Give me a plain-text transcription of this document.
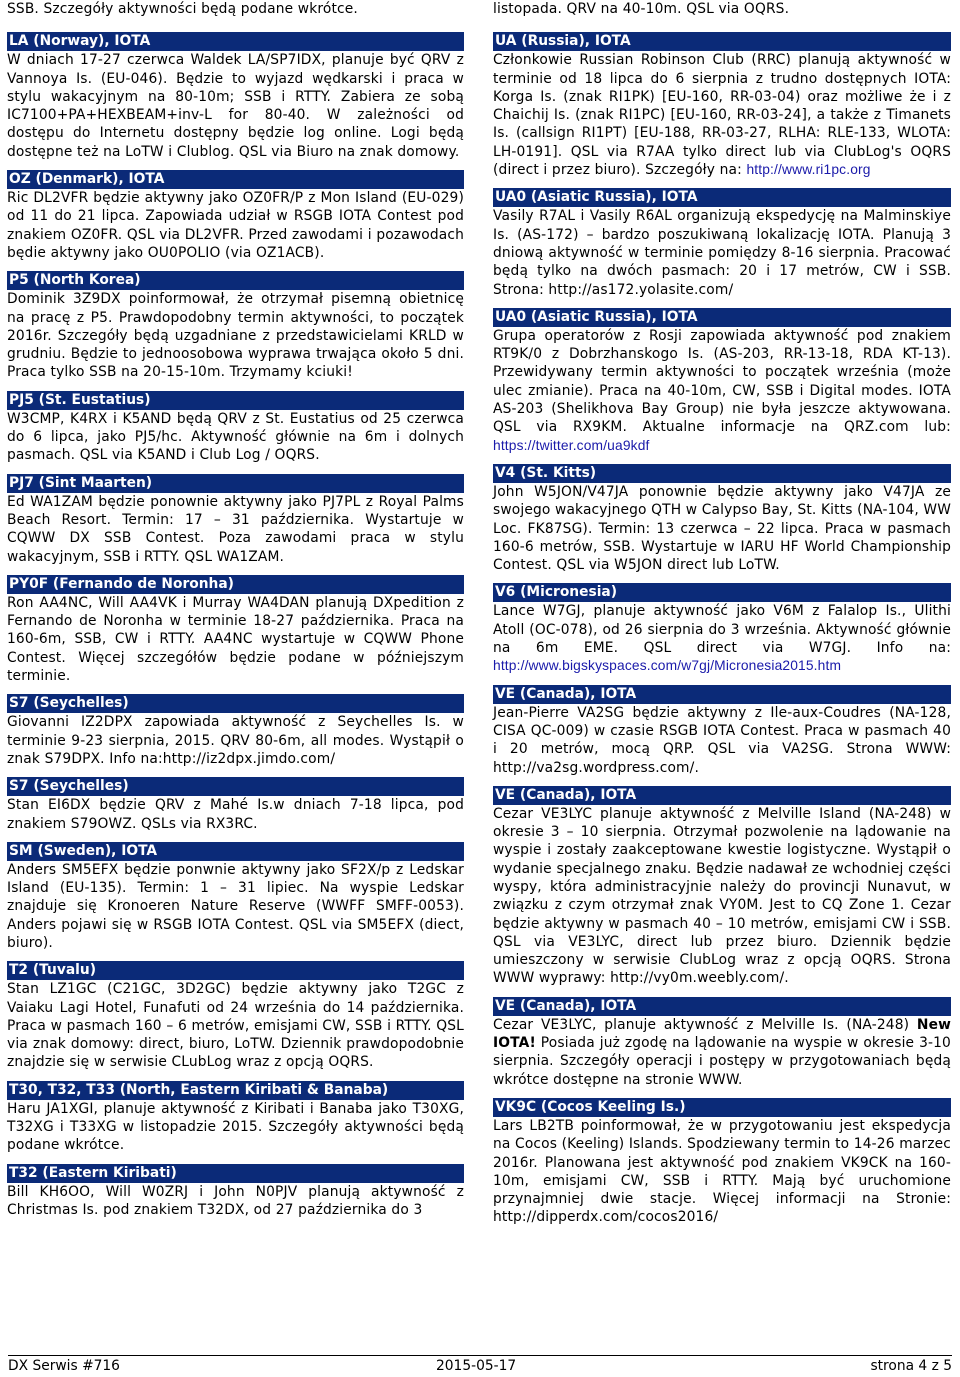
SSB. Szczegóły aktywności będą podane wkrótce.

LA (Norway), IOTA

W dniach 17-27 czerwca Waldek LA/SP7IDX, planuje być QRV z Vannoya Is. (EU-046). Będzie to wyjazd wędkarski i praca w stylu wakacyjnym na 80-10m; SSB i RTTY. Zabiera ze sobą IC7100+PA+HEXBEAM+inv-L for 80-40. W zależności od dostępu do Internetu dostępny będzie log online. Logi będą dostępne też na LoTW i Clublog. QSL via Biuro na znak domowy.

OZ (Denmark), IOTA

Ric DL2VFR będzie aktywny jako OZ0FR/P z Mon Island (EU-029) od 11 do 21 lipca. Zapowiada udział w RSGB IOTA Contest pod znakiem OZ0FR. QSL via DL2VFR. Przed zawodami i pozawodach będie aktywny jako OU0POLIO (via OZ1ACB).

P5 (North Korea)

Dominik 3Z9DX poinformował, że otrzymał pisemną obietnicę na pracę z P5. Prawdopodobny termin aktywności, to początek 2016r. Szczegóły będą uzgadniane z przedstawicielami KRLD w grudniu. Będzie to jednoosobowa wyprawa trwająca około 5 dni. Praca tylko SSB na 20-15-10m. Trzymamy kciuki!

PJ5 (St. Eustatius)

W3CMP, K4RX i K5AND będą QRV z St. Eustatius od 25 czerwca do 6 lipca, jako PJ5/hc. Aktywność głównie na 6m i dolnych pasmach. QSL via K5AND i Club Log / OQRS.

PJ7 (Sint Maarten)

Ed WA1ZAM będzie ponownie aktywny jako PJ7PL z Royal Palms Beach Resort. Termin: 17 – 31 października. Wystartuje w CQWW DX SSB Contest. Poza zawodami praca w stylu wakacyjnym, SSB i RTTY. QSL WA1ZAM.

PY0F (Fernando de Noronha)

Ron AA4NC, Will AA4VK i Murray WA4DAN planują DXpedition z Fernando de Noronha w terminie 18-27 października. Praca na 160-6m, SSB, CW i RTTY. AA4NC wystartuje w CQWW Phone Contest. Więcej szczegółów będzie podane w późniejszym terminie.

S7 (Seychelles)

Giovanni IZ2DPX zapowiada aktywność z Seychelles Is. w terminie 9-23 sierpnia, 2015. QRV 80-6m, all modes. Wystąpił o znak S79DPX. Info na:http://iz2dpx.jimdo.com/

S7 (Seychelles)

Stan EI6DX będzie QRV z Mahé Is.w dniach 7-18 lipca, pod znakiem S79OWZ. QSLs via RX3RC.

SM (Sweden), IOTA

Anders SM5EFX będzie ponwnie aktywny jako SF2X/p z Ledskar Island (EU-135). Termin: 1 – 31 lipiec. Na wyspie Ledskar znajduje się Kronoeren Nature Reserve (WWFF SMFF-0053). Anders pojawi się w RSGB IOTA Contest. QSL via SM5EFX (diect, biuro).

T2 (Tuvalu)

Stan LZ1GC (C21GC, 3D2GC) będzie aktywny jako T2GC z Vaiaku Lagi Hotel, Funafuti od 24 września do 14 października. Praca w pasmach 160 – 6 metrów, emisjami CW, SSB i RTTY. QSL via znak domowy: direct, biuro, LoTW. Dziennik prawdopodobnie znajdzie się w serwisie CLubLog wraz z opcją OQRS.

T30, T32, T33 (North, Eastern Kiribati & Banaba)

Haru JA1XGI, planuje aktywność z Kiribati i Banaba jako T30XG, T32XG i T33XG w listopadzie 2015. Szczegóły aktywności będą podane wkrótce.

T32 (Eastern Kiribati)

Bill KH6OO, Will W0ZRJ i John N0PJV planują aktywność z Christmas Is. pod znakiem T32DX, od 27 października do 3

listopada. QRV na 40-10m. QSL via OQRS.

UA (Russia), IOTA

Członkowie Russian Robinson Club (RRC) planują aktywność w terminie od 18 lipca do 6 sierpnia z trudno dostępnych IOTA: Korga Is. (znak RI1PK) [EU-160, RR-03-04) oraz możliwe że i z Chaichij Is. (znak RI1PC) [EU-160, RR-03-24], a także z Timanets Is. (callsign RI1PT) [EU-188, RR-03-27, RLHA: RLE-133, WLOTA: LH-0191]. QSL via R7AA tylko direct lub via ClubLog's OQRS (direct i przez biuro). Szczegóły na: http://www.ri1pc.org

UA0 (Asiatic Russia), IOTA

Vasily R7AL i Vasily R6AL organizują ekspedycję na Malminskiye Is. (AS-172) – bardzo poszukiwaną lokalizację IOTA. Planują 3 dniową aktywność w terminie pomiędzy 8-16 sierpnia. Pracować będą tylko na dwóch pasmach: 20 i 17 metrów, CW i SSB. Strona: http://as172.yolasite.com/

UA0 (Asiatic Russia), IOTA

Grupa operatorów z Rosji zapowiada aktywność pod znakiem RT9K/0 z Dobrzhanskogo Is. (AS-203, RR-13-18, RDA KT-13). Przewidywany termin aktywności to początek września (może ulec zmianie). Praca na 40-10m, CW, SSB i Digital modes. IOTA AS-203 (Shelikhova Bay Group) nie była jeszcze aktywowana. QSL via RX9KM. Aktualne informacje na QRZ.com lub: https://twitter.com/ua9kdf

V4 (St. Kitts)

John W5JON/V47JA ponownie będzie aktywny jako V47JA ze swojego wakacyjnego QTH w Calypso Bay, St. Kitts (NA-104, WW Loc. FK87SG). Termin: 13 czerwca – 22 lipca. Praca w pasmach 160-6 metrów, SSB. Wystartuje w IARU HF World Championship Contest. QSL via W5JON direct lub LoTW.

V6 (Micronesia)

Lance W7GJ, planuje aktywność jako V6M z Falalop Is., Ulithi Atoll (OC-078), od 26 sierpnia do 3 września. Aktywność głównie na 6m EME. QSL direct via W7GJ. Info na: http://www.bigskyspaces.com/w7gj/Micronesia2015.htm

VE (Canada), IOTA

Jean-Pierre VA2SG będzie aktywny z Ile-aux-Coudres (NA-128, CISA QC-009) w czasie RSGB IOTA Contest. Praca w pasmach 40 i 20 metrów, mocą QRP. QSL via VA2SG. Strona WWW: http://va2sg.wordpress.com/.

VE (Canada), IOTA

Cezar VE3LYC planuje aktywność z Melville Island (NA-248) w okresie 3 – 10 sierpnia. Otrzymał pozwolenie na lądowanie na wyspie i zostały zaakceptowane kwestie logistyczne. Wystąpił o wydanie specjalnego znaku. Będzie nadawał ze wchodniej części wyspy, która administracyjnie należy do provincji Nunavut, w związku z czym otrzymał znak VY0M. Jest to CQ Zone 1. Cezar będzie aktywny w pasmach 40 – 10 metrów, emisjami CW i SSB. QSL via VE3LYC, direct lub przez biuro. Dziennik będzie umieszczony w serwisie ClubLog wraz z opcją OQRS. Strona WWW wyprawy: http://vy0m.weebly.com/.

VE (Canada), IOTA

Cezar VE3LYC, planuje aktywność z Melville Is. (NA-248) New IOTA! Posiada już zgodę na lądowanie na wyspie w okresie 3-10 sierpnia. Szczegóły operacji i postępy w przygotowaniach będą wkrótce dostępne na stronie WWW.

VK9C (Cocos Keeling Is.)

Lars LB2TB poinformował, że w przygotowaniu jest ekspedycja na Cocos (Keeling) Islands. Spodziewany termin to 14-26 marzec 2016r. Planowana jest aktywność pod znakiem VK9CK na 160-10m, emisjami CW, SSB i RTTY. Mają być uruchomione przynajmniej dwie stacje. Więcej informacji na Stronie: http://dipperdx.com/cocos2016/

DX Serwis #716	2015-05-17	strona 4 z 5
